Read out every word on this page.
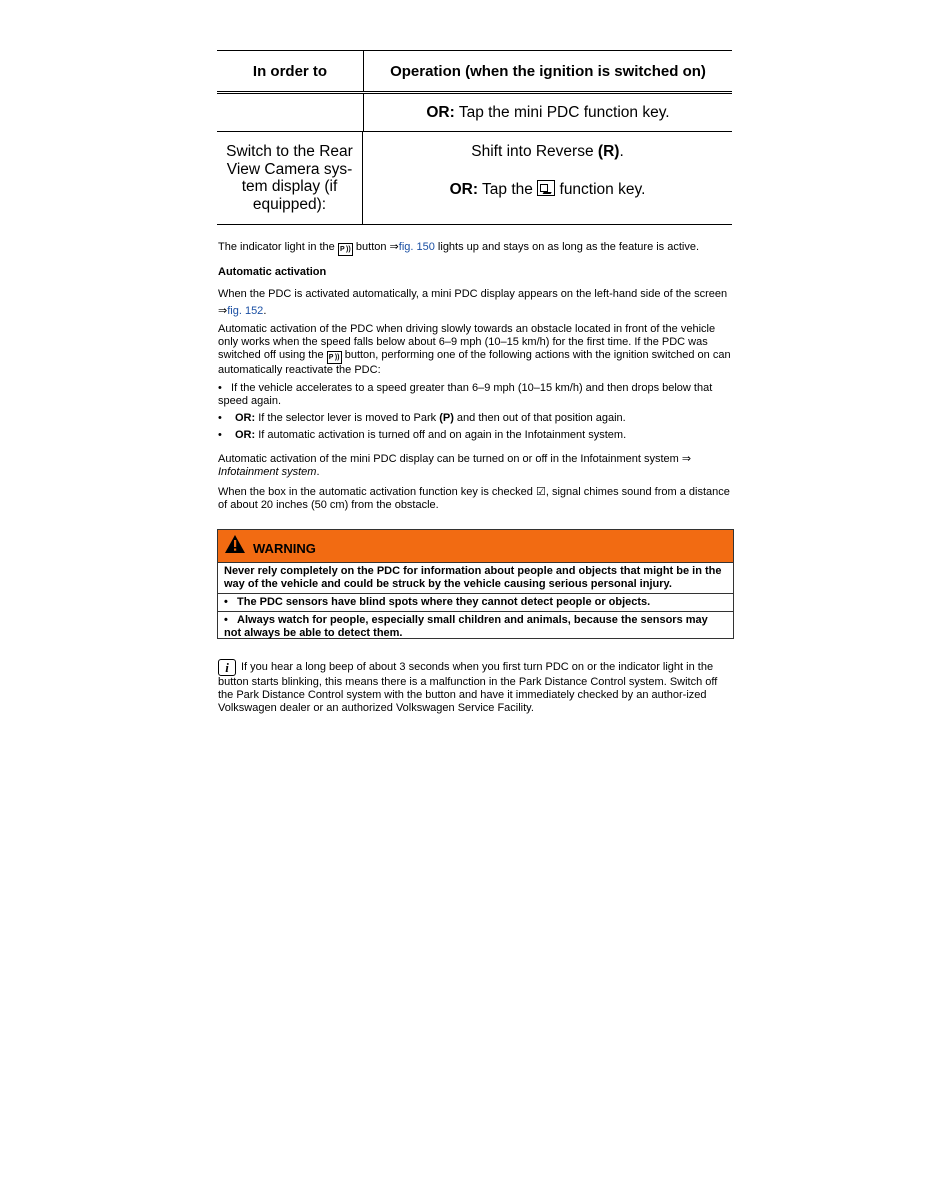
In order to	Operation (when the ignition is switched on)
OR: Tap the mini PDC function key.
Switch to the Rear View Camera sys-tem display (if equipped):

Shift into Reverse (R).

OR: Tap the  function key.

The indicator light in the P )) button ⇒fig. 150 lights up and stays on as long as the feature is active.
Automatic activation
When the PDC is activated automatically, a mini PDC display appears on the left-hand side of the screen ⇒fig. 152.
Automatic activation of the PDC when driving slowly towards an obstacle located in front of the vehicle only works when the speed falls below about 6–9 mph (10–15 km/h) for the first time. If the PDC was switched off using the P )) button, performing one of the following actions with the ignition switched on can automatically reactivate the PDC:
• If the vehicle accelerates to a speed greater than 6–9 mph (10–15 km/h) and then drops below that speed again.
• OR: If the selector lever is moved to Park (P) and then out of that position again.
• OR: If automatic activation is turned off and on again in the Infotainment system.
Automatic activation of the mini PDC display can be turned on or off in the Infotainment system ⇒ Infotainment system.
When the box in the automatic activation function key is checked ☑, signal chimes sound from a distance of about 20 inches (50 cm) from the obstacle.
WARNING

Never rely completely on the PDC for information about people and objects that might be in the way of the vehicle and could be struck by the vehicle causing serious personal injury.

• The PDC sensors have blind spots where they cannot detect people or objects.

• Always watch for people, especially small children and animals, because the sensors may not always be able to detect them.

i If you hear a long beep of about 3 seconds when you first turn PDC on or the indicator light in the button starts blinking, this means there is a malfunction in the Park Distance Control system. Switch off the Park Distance Control system with the button and have it immediately checked by an author-ized Volkswagen dealer or an authorized Volkswagen Service Facility.
